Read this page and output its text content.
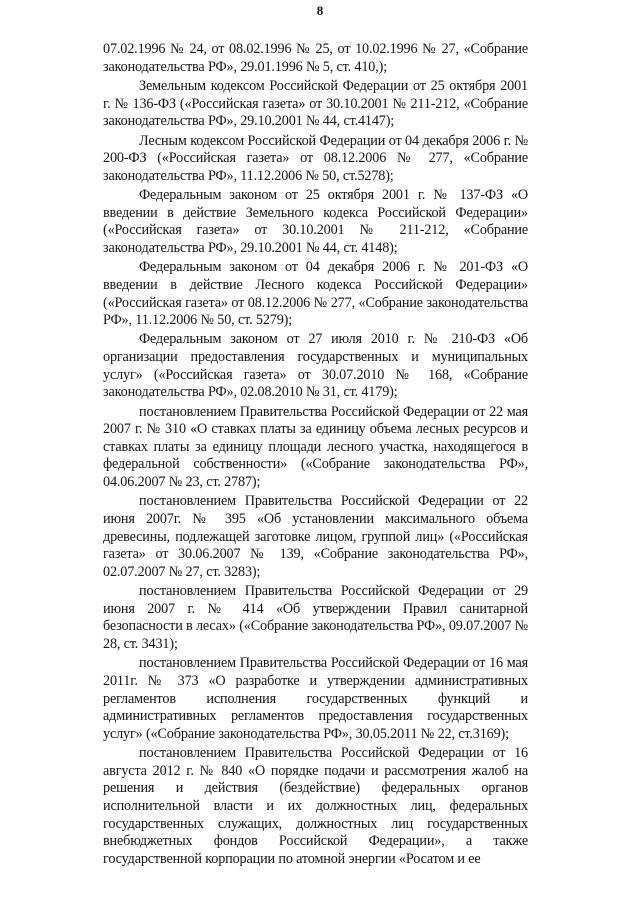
8

07.02.1996 № 24, от 08.02.1996 № 25, от 10.02.1996 № 27, «Собрание законодательства РФ», 29.01.1996 № 5, ст. 410,);

Земельным кодексом Российской Федерации от 25 октября 2001 г. № 136-ФЗ («Российская газета» от 30.10.2001 № 211-212, «Собрание законодательства РФ», 29.10.2001 № 44, ст.4147);

Лесным кодексом Российской Федерации от 04 декабря 2006 г. № 200-ФЗ («Российская газета» от 08.12.2006 № 277, «Собрание законодательства РФ», 11.12.2006 № 50, ст.5278);

Федеральным законом от 25 октября 2001 г. № 137-ФЗ «О введении в действие Земельного кодекса Российской Федерации» («Российская газета» от 30.10.2001 № 211-212, «Собрание законодательства РФ», 29.10.2001 № 44, ст. 4148);

Федеральным законом от 04 декабря 2006 г. № 201-ФЗ «О введении в действие Лесного кодекса Российской Федерации» («Российская газета» от 08.12.2006 № 277, «Собрание законодательства РФ», 11.12.2006 № 50, ст. 5279);

Федеральным законом от 27 июля 2010 г. № 210-ФЗ «Об организации предоставления государственных и муниципальных услуг» («Российская газета» от 30.07.2010 № 168, «Собрание законодательства РФ», 02.08.2010 № 31, ст. 4179);

постановлением Правительства Российской Федерации от 22 мая 2007 г. № 310 «О ставках платы за единицу объема лесных ресурсов и ставках платы за единицу площади лесного участка, находящегося в федеральной собственности» («Собрание законодательства РФ», 04.06.2007 № 23, ст. 2787);

постановлением Правительства Российской Федерации от 22 июня 2007г. № 395 «Об установлении максимального объема древесины, подлежащей заготовке лицом, группой лиц» («Российская газета» от 30.06.2007 № 139, «Собрание законодательства РФ», 02.07.2007 № 27, ст. 3283);

постановлением Правительства Российской Федерации от 29 июня 2007 г. № 414 «Об утверждении Правил санитарной безопасности в лесах» («Собрание законодательства РФ», 09.07.2007 № 28, ст. 3431);

постановлением Правительства Российской Федерации от 16 мая 2011г. № 373 «О разработке и утверждении административных регламентов исполнения государственных функций и административных регламентов предоставления государственных услуг» («Собрание законодательства РФ», 30.05.2011 № 22, ст.3169);

постановлением Правительства Российской Федерации от 16 августа 2012 г. № 840 «О порядке подачи и рассмотрения жалоб на решения и действия (бездействие) федеральных органов исполнительной власти и их должностных лиц, федеральных государственных служащих, должностных лиц государственных внебюджетных фондов Российской Федерации», а также государственной корпорации по атомной энергии «Росатом и ее
